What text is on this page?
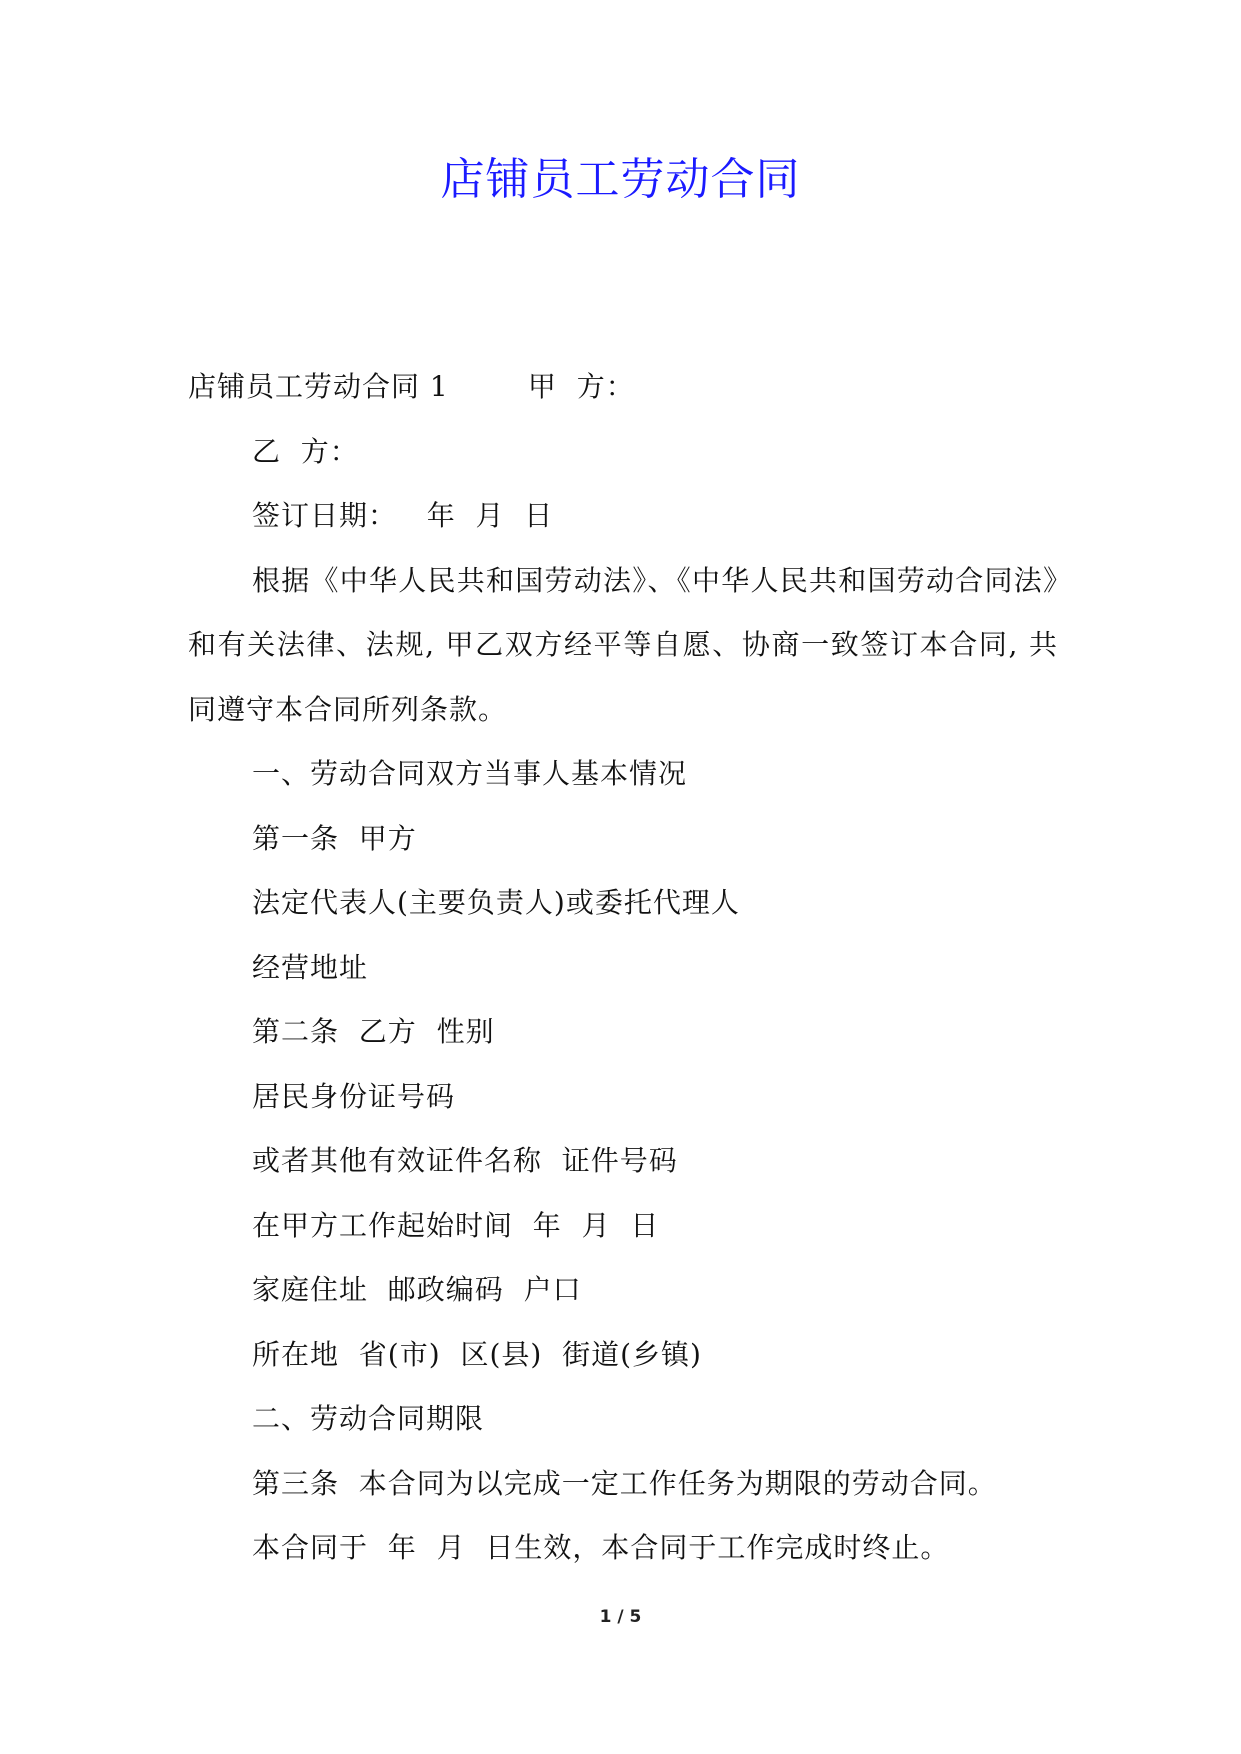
店铺员工劳动合同
店铺员工劳动合同 1        甲  方：
乙  方：
签订日期：   年  月  日
根据《中华人民共和国劳动法》、《中华人民共和国劳动合同法》和有关法律、法规, 甲乙双方经平等自愿、协商一致签订本合同, 共同遵守本合同所列条款。
一、劳动合同双方当事人基本情况
第一条  甲方
法定代表人(主要负责人)或委托代理人
经营地址
第二条  乙方  性别
居民身份证号码
或者其他有效证件名称  证件号码
在甲方工作起始时间  年  月  日
家庭住址  邮政编码  户口
所在地  省(市)  区(县)  街道(乡镇)
二、劳动合同期限
第三条  本合同为以完成一定工作任务为期限的劳动合同。
本合同于  年  月  日生效，本合同于工作完成时终止。
1 / 5
